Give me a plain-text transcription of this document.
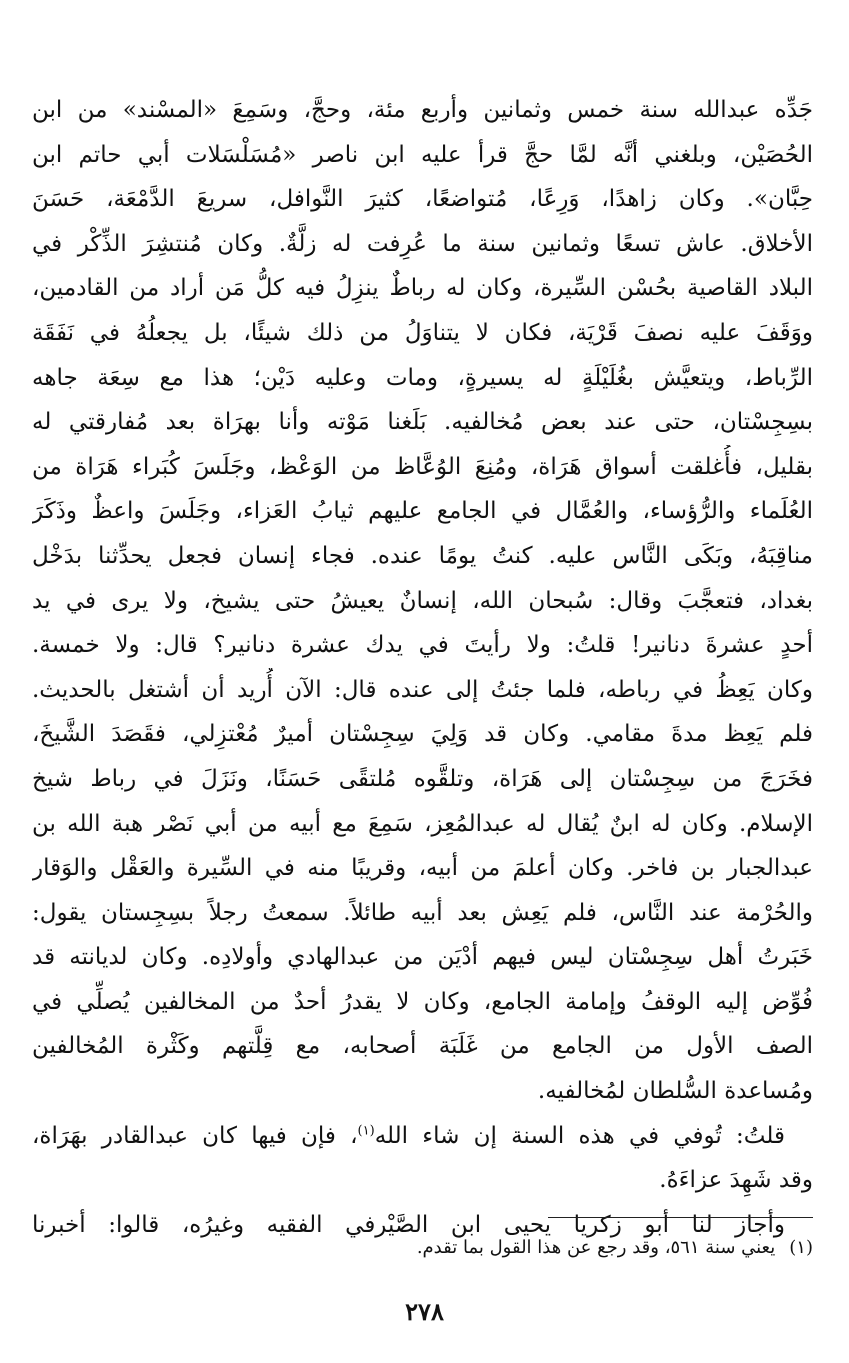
جَدِّه عبدالله سنة خمس وثمانين وأربع مئة، وحجَّ، وسَمِعَ «المسْند» من ابن
الحُصَيْن، وبلغني أنَّه لمَّا حجَّ قرأ عليه ابن ناصر «مُسَلْسَلات أبي حاتم ابن
حِبَّان». وكان زاهدًا، وَرِعًا، مُتواضعًا، كثيرَ النَّوافل، سريعَ الدَّمْعَة، حَسَنَ
الأخلاق. عاش تسعًا وثمانين سنة ما عُرِفت له زلَّةٌ. وكان مُنتشِرَ الذِّكْر في
البلاد القاصية بحُسْن السِّيرة، وكان له رباطٌ ينزِلُ فيه كلُّ مَن أراد من القادمين،
ووَقَفَ عليه نصفَ قَرْيَة، فكان لا يتناوَلُ من ذلك شيئًا، بل يجعلُهُ في نَفَقَة
الرِّباط، ويتعيَّش بغُلَيْلَةٍ له يسيرةٍ، ومات وعليه دَيْن؛ هذا مع سِعَة جاهه
بسِجِسْتان، حتى عند بعض مُخالفيه. بَلَغنا مَوْته وأنا بهرَاة بعد مُفارقتي له
بقليل، فأُغلقت أسواق هَرَاة، ومُنِعَ الوُعَّاظ من الوَعْظ، وجَلَسَ كُبَراء هَرَاة من
العُلَماء والرُّؤساء، والعُمَّال في الجامع عليهم ثيابُ العَزاء، وجَلَسَ واعظٌ وذَكَرَ
مناقِبَهُ، وبَكَى النَّاس عليه. كنتُ يومًا عنده. فجاء إنسان فجعل يحدِّثنا بدَخْل
بغداد، فتعجَّبَ وقال: سُبحان الله، إنسانٌ يعيشُ حتى يشيخ، ولا يرى في يد
أحدٍ عشرةَ دنانير! قلتُ: ولا رأيتَ في يدك عشرة دنانير؟ قال: ولا خمسة.
وكان يَعِظُ في رباطه، فلما جئتُ إلى عنده قال: الآن أُريد أن أشتغل بالحديث.
فلم يَعِظ مدةَ مقامي. وكان قد وَلِيَ سِجِسْتان أميرٌ مُعْتزِلي، فقَصَدَ الشَّيخَ،
فخَرَجَ من سِجِسْتان إلى هَرَاة، وتلقَّوه مُلتقًى حَسَنًا، ونَزَلَ في رباط شيخ
الإسلام. وكان له ابنٌ يُقال له عبدالمُعِز، سَمِعَ مع أبيه من أبي نَصْر هبة الله بن
عبدالجبار بن فاخر. وكان أعلمَ من أبيه، وقريبًا منه في السِّيرة والعَقْل والوَقار
والحُرْمة عند النَّاس، فلم يَعِش بعد أبيه طائلاً. سمعتُ رجلاً بسِجِستان يقول:
خَبَرتُ أهل سِجِسْتان ليس فيهم أدْيَن من عبدالهادي وأولادِه. وكان لديانته قد
فُوِّض إليه الوقفُ وإمامة الجامع، وكان لا يقدرُ أحدٌ من المخالفين يُصلِّي في
الصف الأول من الجامع من غَلَبَة أصحابه، مع قِلَّتهم وكَثْرة المُخالفين
ومُساعدة السُّلطان لمُخالفيه.
قلتُ: تُوفي في هذه السنة إن شاء الله$^{(١)}$، فإن فيها كان عبدالقادر بهَرَاة،
وقد شَهِدَ عزاءَهُ.
وأجاز لنا أبو زكريا يحيى ابن الصَّيْرفي الفقيه وغيرُه، قالوا: أخبرنا
(١)يعني سنة ٥٦١، وقد رجع عن هذا القول بما تقدم.
٢٧٨
